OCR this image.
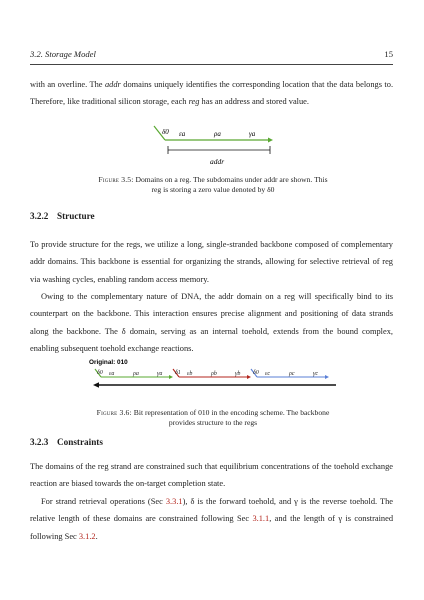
3.2. Storage Model	15
with an overline. The addr domains uniquely identifies the corresponding location that the data belongs to. Therefore, like traditional silicon storage, each reg has an address and stored value.
δ0 εa	ρa	γa
addr
Figure 3.5: Domains on a reg. The subdomains under addr are shown. This reg is storing a zero value denoted by δ0
3.2.2 Structure
To provide structure for the regs, we utilize a long, single-stranded backbone composed of complementary addr domains. This backbone is essential for organizing the strands, allowing for selective retrieval of reg via washing cycles, enabling random access memory.
Owing to the complementary nature of DNA, the addr domain on a reg will specifically bind to its counterpart on the backbone. This interaction ensures precise alignment and positioning of data strands along the backbone. The δ domain, serving as an internal toehold, extends from the bound complex, enabling subsequent toehold exchange reactions.
Original: 010
δ0 εa	ρa	γa δ1 εb	ρb	γb δ0 εc	ρc	γc
Figure 3.6: Bit representation of 010 in the encoding scheme. The backbone provides structure to the regs
3.2.3 Constraints
The domains of the reg strand are constrained such that equilibrium concentrations of the toehold exchange reaction are biased towards the on-target completion state.
For strand retrieval operations (Sec 3.3.1), δ is the forward toehold, and γ is the reverse toehold. The relative length of these domains are constrained following Sec 3.1.1, and the length of γ is constrained following Sec 3.1.2.
